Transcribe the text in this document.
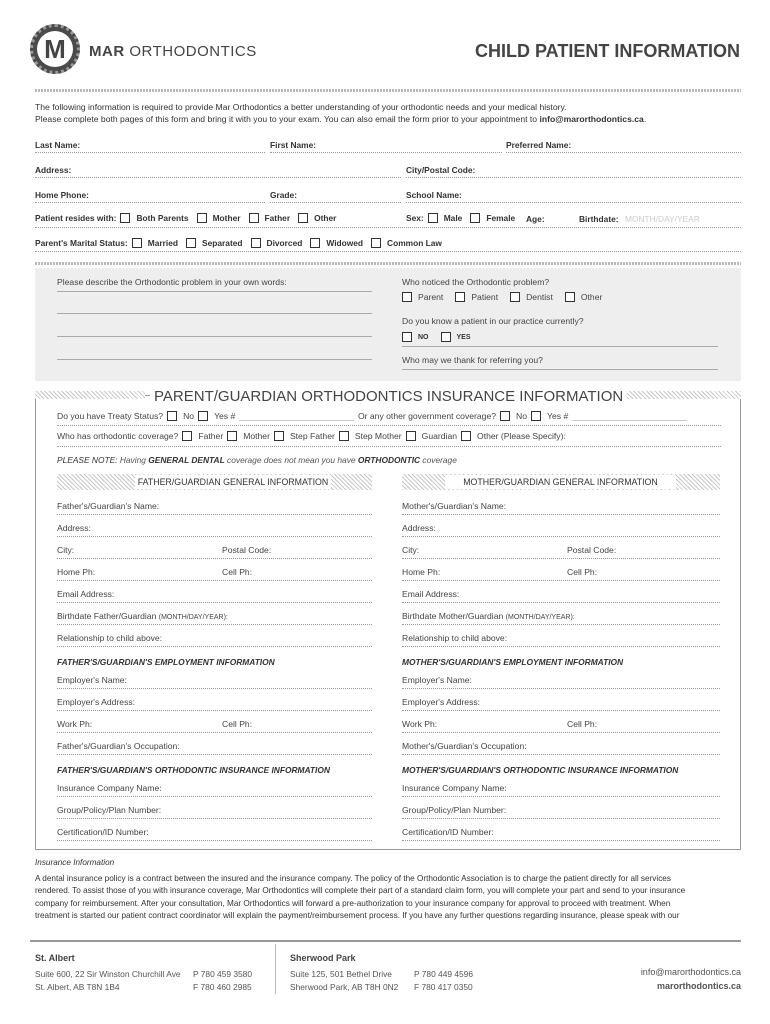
M	MAR ORTHODONTICS	CHILD PATIENT INFORMATION
The following information is required to provide Mar Orthodontics a better understanding of your orthodontic needs and your medical history.
Please complete both pages of this form and bring it with you to your exam. You can also email the form prior to your appointment to info@marorthodontics.ca.
Last Name:	First Name:	Preferred Name:
Address:	City/Postal Code:
Home Phone:	Grade:	School Name:
Patient resides with: Both Parents	Mother	Father	Other	Sex: Male	Female Age:	Birthdate: MONTH/DAY/YEAR
Parent's Marital Status: Married	Separated	Divorced	Widowed	Common Law
Please describe the Orthodontic problem in your own words:	Who noticed the Orthodontic problem?
Parent	Patient	Dentist	Other
Do you know a patient in our practice currently?
NO	YES
Who may we thank for referring you?
PARENT/GUARDIAN ORTHODONTICS INSURANCE INFORMATION
Do you have Treaty Status? No Yes # ________________________ Or any other government coverage? No Yes # ________________________
Who has orthodontic coverage? Father Mother Step Father Step Mother Guardian Other (Please Specify):
PLEASE NOTE: Having GENERAL DENTAL coverage does not mean you have ORTHODONTIC coverage
FATHER/GUARDIAN GENERAL INFORMATION	MOTHER/GUARDIAN GENERAL INFORMATION
Father's/Guardian's Name:
Address:
City:	Postal Code:
Home Ph:	Cell Ph:
Email Address:
Birthdate Father/Guardian (MONTH/DAY/YEAR):
Relationship to child above:
FATHER'S/GUARDIAN'S EMPLOYMENT INFORMATION
Employer's Name:
Employer's Address:
Work Ph:	Cell Ph:
Father's/Guardian's Occupation:
FATHER'S/GUARDIAN'S ORTHODONTIC INSURANCE INFORMATION
Insurance Company Name:
Group/Policy/Plan Number:
Certification/ID Number:
Mother's/Guardian's Name:
Address:
City:	Postal Code:
Home Ph:	Cell Ph:
Email Address:
Birthdate Mother/Guardian (MONTH/DAY/YEAR):
Relationship to child above:
MOTHER'S/GUARDIAN'S EMPLOYMENT INFORMATION
Employer's Name:
Employer's Address:
Work Ph:	Cell Ph:
Mother's/Guardian's Occupation:
MOTHER'S/GUARDIAN'S ORTHODONTIC INSURANCE INFORMATION
Insurance Company Name:
Group/Policy/Plan Number:
Certification/ID Number:
Insurance Information
A dental insurance policy is a contract between the insured and the insurance company. The policy of the Orthodontic Association is to charge the patient directly for all services
rendered. To assist those of you with insurance coverage, Mar Orthodontics will complete their part of a standard claim form, you will complete your part and send to your insurance
company for reimbursement. After your consultation, Mar Orthodontics will forward a pre-authorization to your insurance company for approval to proceed with treatment. When
treatment is started our patient contract coordinator will explain the payment/reimbursement process. If you have any further questions regarding insurance, please speak with our
St. Albert
Suite 600, 22 Sir Winston Churchill Ave
St. Albert, AB T8N 1B4
P 780 459 3580
F 780 460 2985
Sherwood Park
Suite 125, 501 Bethel Drive
Sherwood Park, AB T8H 0N2
P 780 449 4596
F 780 417 0350
info@marorthodontics.ca
marorthodontics.ca
